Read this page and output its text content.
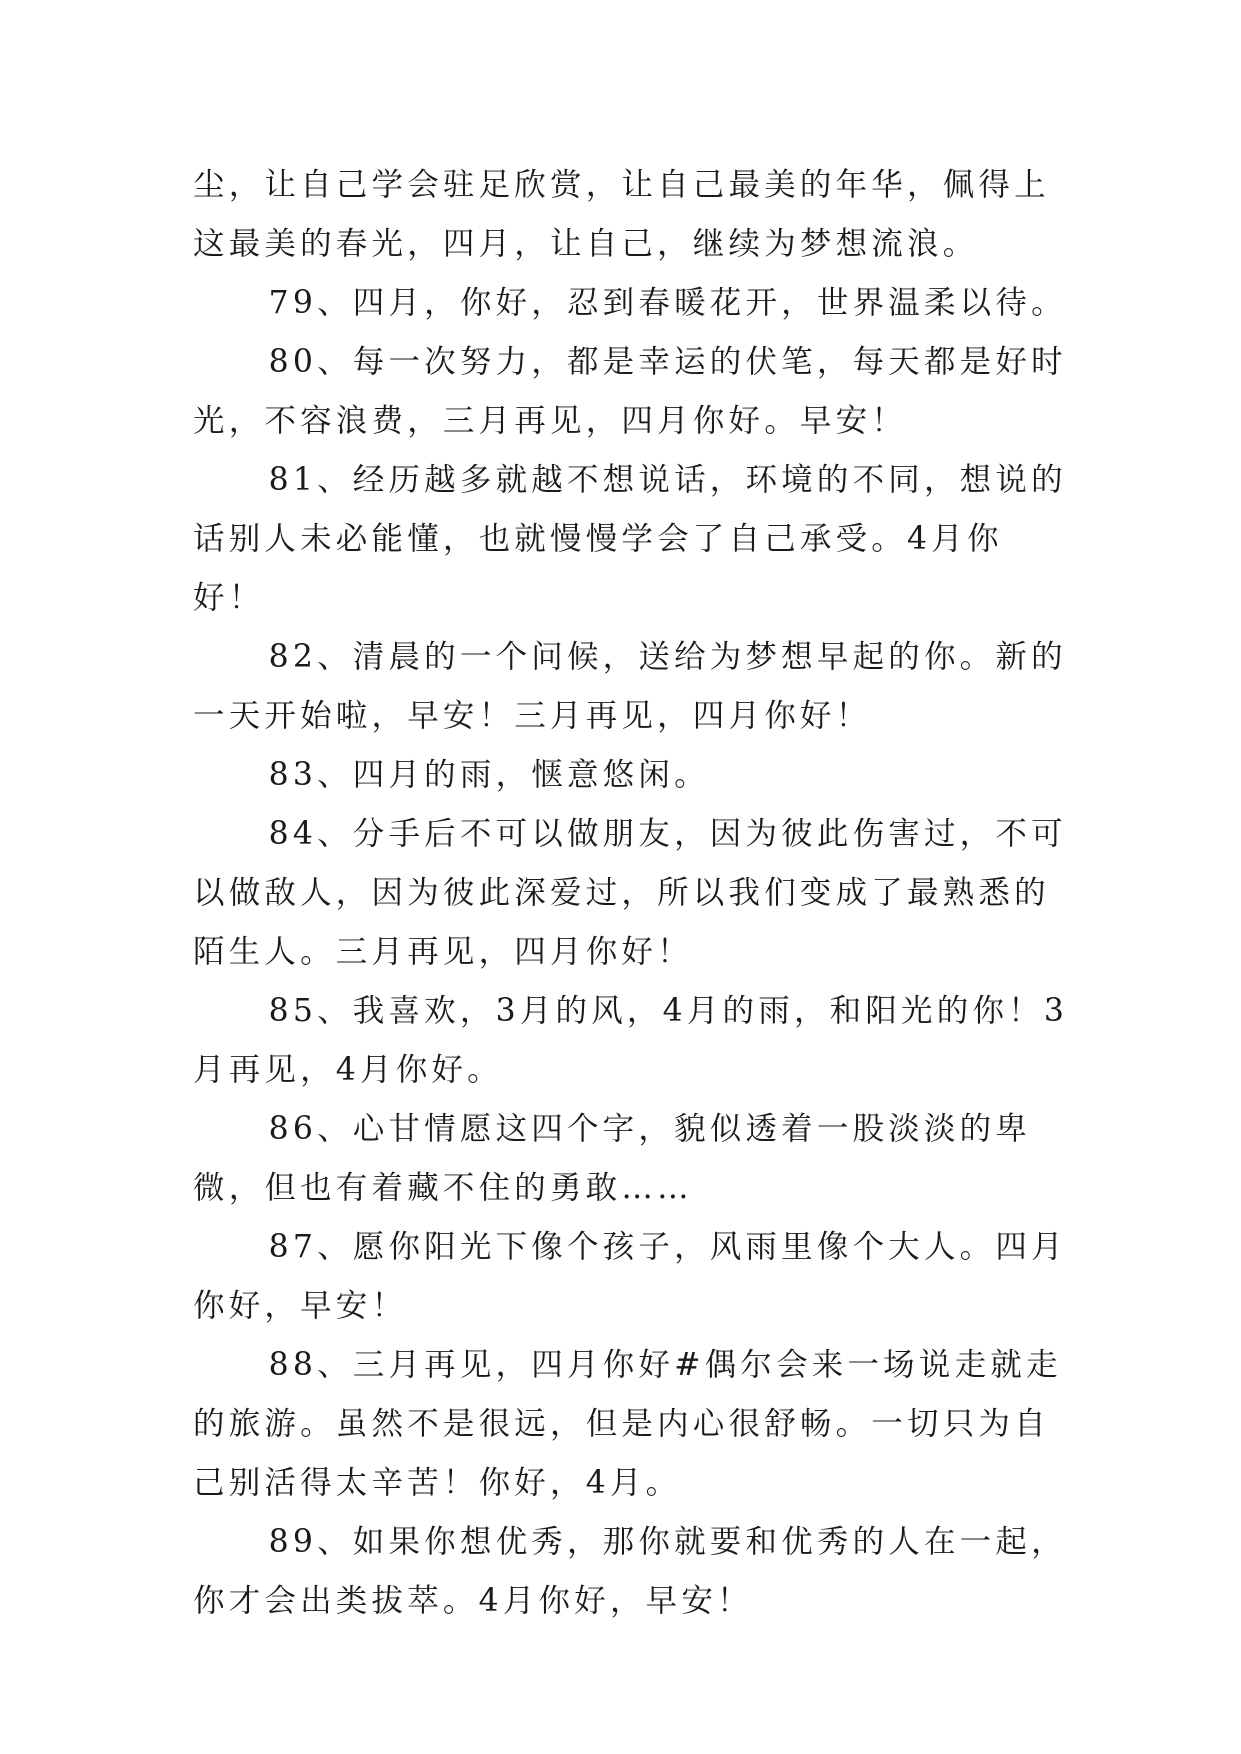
尘，让自己学会驻足欣赏，让自己最美的年华，佩得上这最美的春光，四月，让自己，继续为梦想流浪。

79、四月，你好，忍到春暖花开，世界温柔以待。

80、每一次努力，都是幸运的伏笔，每天都是好时光，不容浪费，三月再见，四月你好。早安！

81、经历越多就越不想说话，环境的不同，想说的话别人未必能懂，也就慢慢学会了自己承受。4月你好！

82、清晨的一个问候，送给为梦想早起的你。新的一天开始啦，早安！三月再见，四月你好！

83、四月的雨，惬意悠闲。

84、分手后不可以做朋友，因为彼此伤害过，不可以做敌人，因为彼此深爱过，所以我们变成了最熟悉的陌生人。三月再见，四月你好！

85、我喜欢，3月的风，4月的雨，和阳光的你！3月再见，4月你好。

86、心甘情愿这四个字，貌似透着一股淡淡的卑微，但也有着藏不住的勇敢……

87、愿你阳光下像个孩子，风雨里像个大人。四月你好，早安！

88、三月再见，四月你好#偶尔会来一场说走就走的旅游。虽然不是很远，但是内心很舒畅。一切只为自己别活得太辛苦！你好，4月。

89、如果你想优秀，那你就要和优秀的人在一起，你才会出类拔萃。4月你好，早安！
